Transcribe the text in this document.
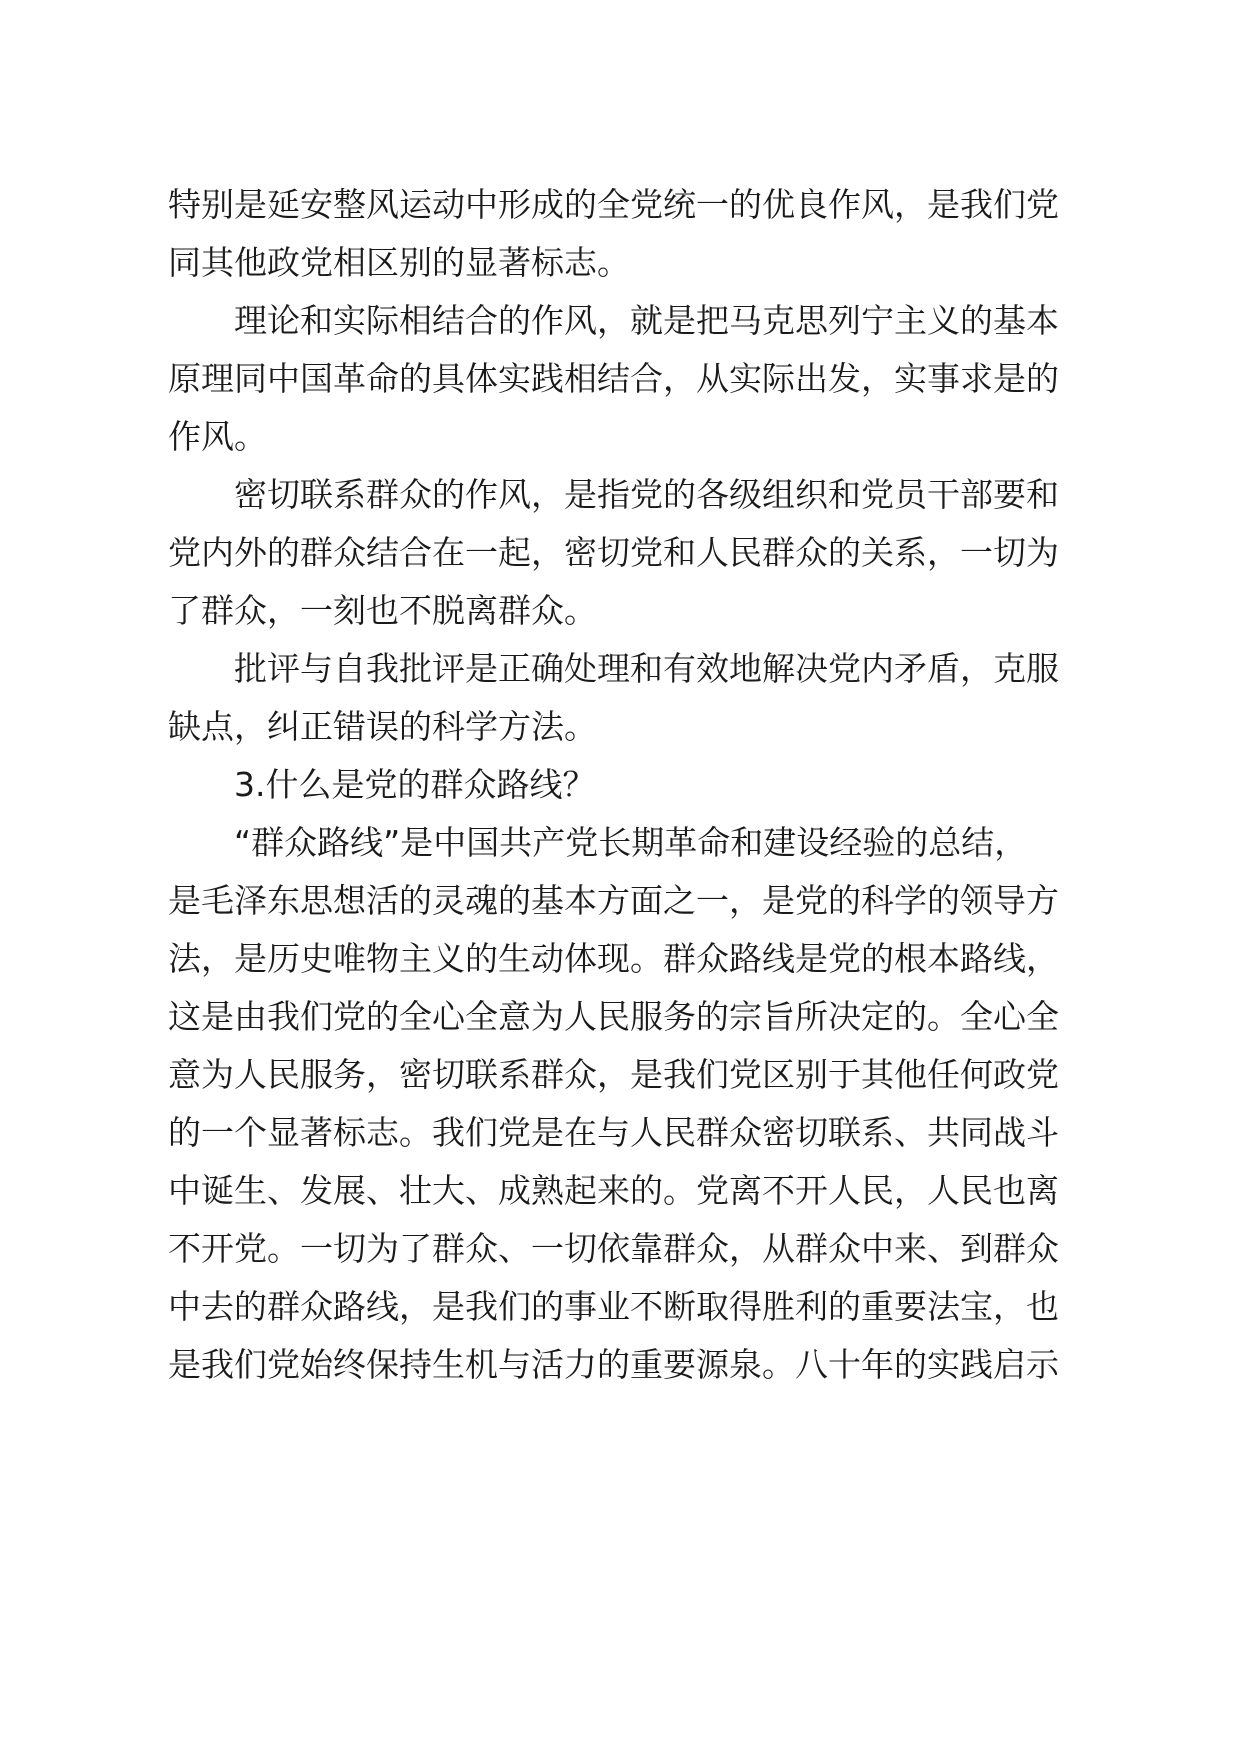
特别是延安整风运动中形成的全党统一的优良作风，是我们党
同其他政党相区别的显著标志。
理论和实际相结合的作风，就是把马克思列宁主义的基本
原理同中国革命的具体实践相结合，从实际出发，实事求是的
作风。
密切联系群众的作风，是指党的各级组织和党员干部要和
党内外的群众结合在一起，密切党和人民群众的关系，一切为
了群众，一刻也不脱离群众。
批评与自我批评是正确处理和有效地解决党内矛盾，克服
缺点，纠正错误的科学方法。
3.什么是党的群众路线？
“群众路线”是中国共产党长期革命和建设经验的总结，
是毛泽东思想活的灵魂的基本方面之一，是党的科学的领导方
法，是历史唯物主义的生动体现。群众路线是党的根本路线，
这是由我们党的全心全意为人民服务的宗旨所决定的。全心全
意为人民服务，密切联系群众，是我们党区别于其他任何政党
的一个显著标志。我们党是在与人民群众密切联系、共同战斗
中诞生、发展、壮大、成熟起来的。党离不开人民，人民也离
不开党。一切为了群众、一切依靠群众，从群众中来、到群众
中去的群众路线，是我们的事业不断取得胜利的重要法宝，也
是我们党始终保持生机与活力的重要源泉。八十年的实践启示
